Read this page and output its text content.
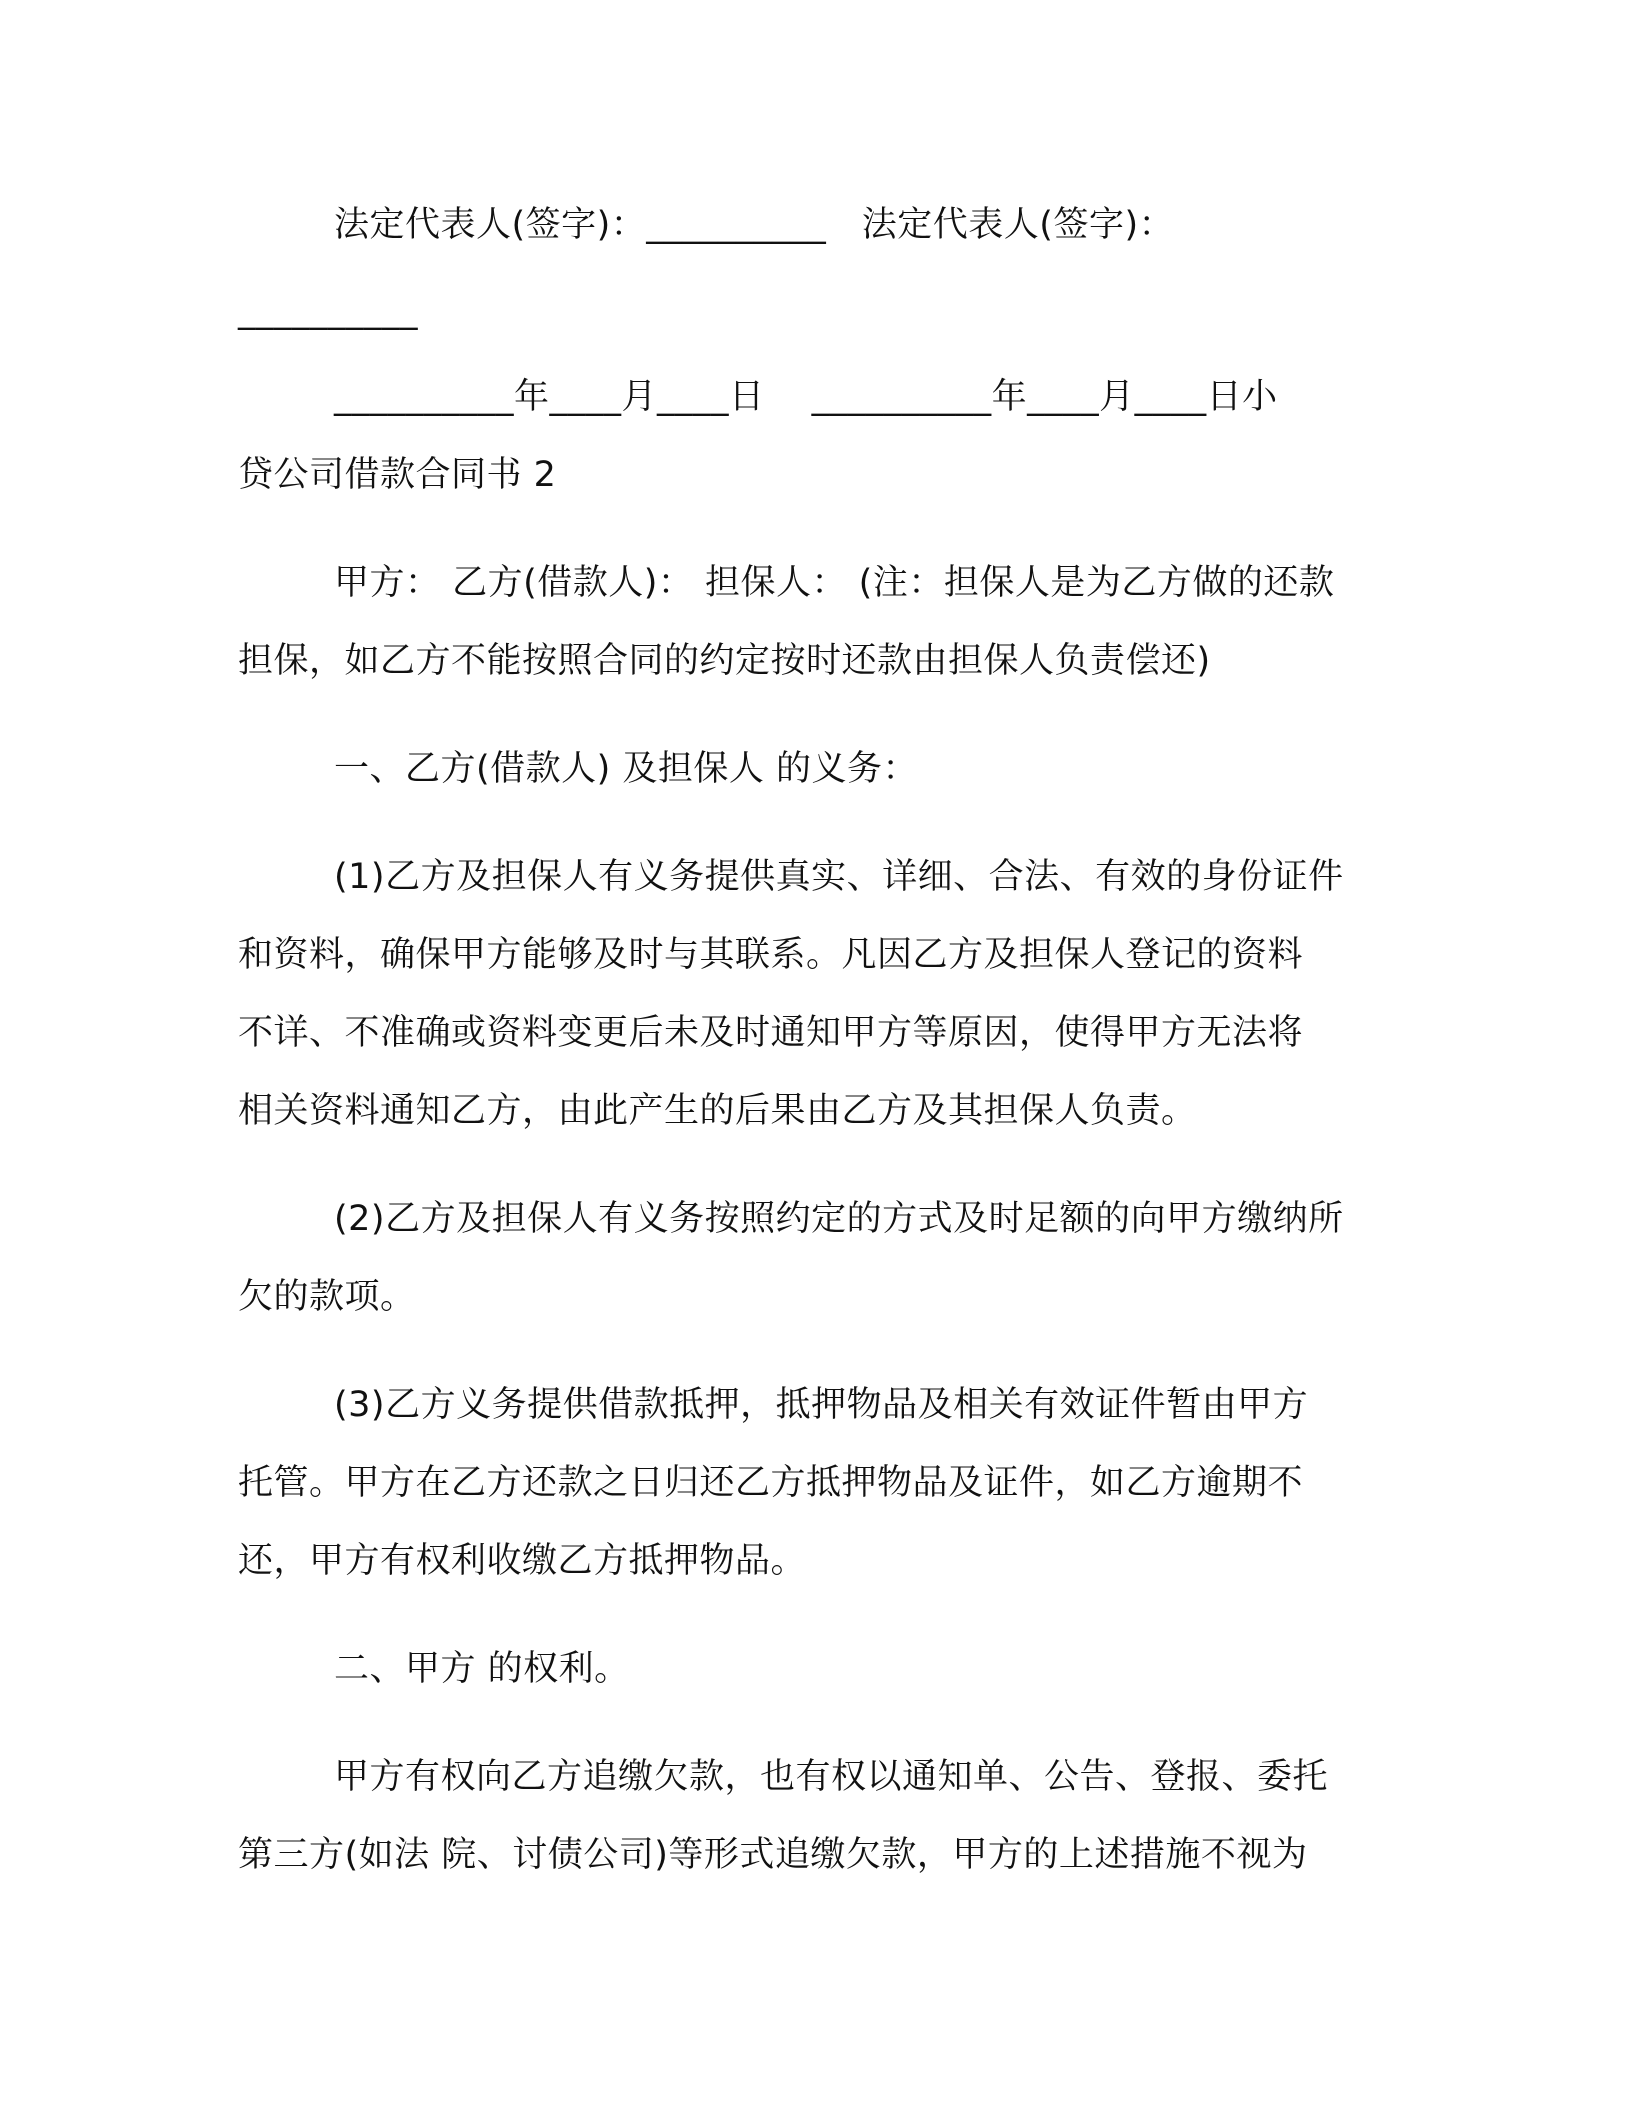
法定代表人(签字)：__________　法定代表人(签字)：
__________
__________年____月____日　 __________年____月____日小
贷公司借款合同书 2
甲方： 乙方(借款人)： 担保人： (注：担保人是为乙方做的还款
担保，如乙方不能按照合同的约定按时还款由担保人负责偿还)
一、乙方(借款人) 及担保人 的义务：
(1)乙方及担保人有义务提供真实、详细、合法、有效的身份证件
和资料，确保甲方能够及时与其联系。凡因乙方及担保人登记的资料
不详、不准确或资料变更后未及时通知甲方等原因，使得甲方无法将
相关资料通知乙方，由此产生的后果由乙方及其担保人负责。
(2)乙方及担保人有义务按照约定的方式及时足额的向甲方缴纳所
欠的款项。
(3)乙方义务提供借款抵押，抵押物品及相关有效证件暂由甲方
托管。甲方在乙方还款之日归还乙方抵押物品及证件，如乙方逾期不
还，甲方有权利收缴乙方抵押物品。
二、甲方 的权利。
甲方有权向乙方追缴欠款，也有权以通知单、公告、登报、委托
第三方(如法 院、讨债公司)等形式追缴欠款，甲方的上述措施不视为
